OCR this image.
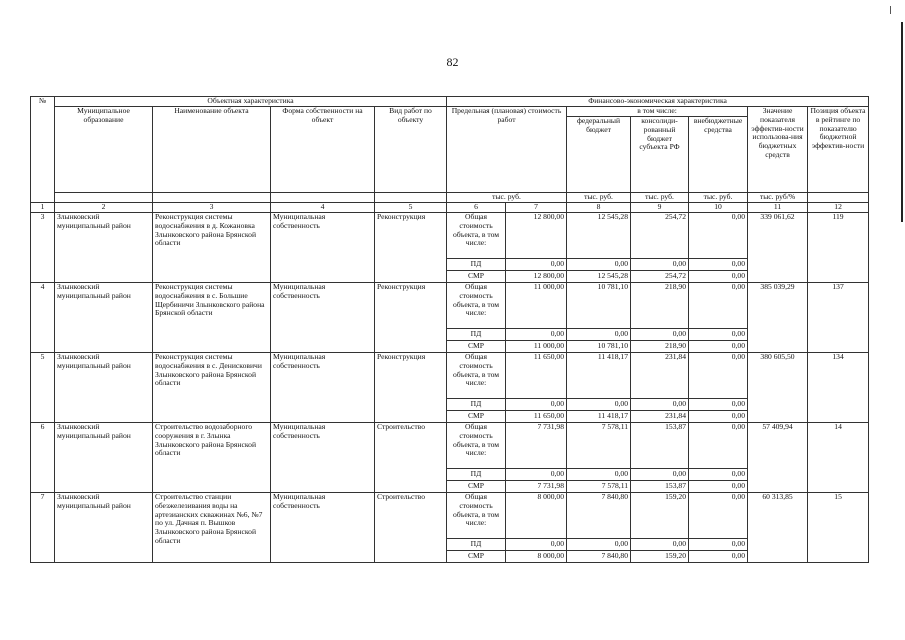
82
№	Объектная характеристика				Финансово-экономическая характеристика						
	Муниципальное образование	Наименование объекта	Форма собственности на объект	Вид работ по объекту	Предельная (плановая) стоимость работ		в том числе:			Значение показателя эффектив-ности использова-ния бюджетных средств	Позиция объекта в рейтинге по показателю бюджетной эффектив-ности
							федеральный бюджет	консолиди-рованный бюджет субъекта РФ	внебюджетные средства		
					тыс. руб.		тыс. руб.	тыс. руб.	тыс. руб.	тыс. руб/%	
1	2	3	4	5	6	7	8	9	10	11	12
3	Злынковский муниципальный район	Реконструкция системы водоснабжения в д. Кожановка Злынковского района Брянской области	Муниципальная собственность	Реконструкция	Общая стоимость объекта, в том числе:	12 800,00	12 545,28	254,72	0,00	339 061,62	119
					ПД	0,00	0,00	0,00	0,00		
					СМР	12 800,00	12 545,28	254,72	0,00		
4	Злынковский муниципальный район	Реконструкция системы водоснабжения в с. Большие Щербиничи Злынковского района Брянской области	Муниципальная собственность	Реконструкция	Общая стоимость объекта, в том числе:	11 000,00	10 781,10	218,90	0,00	385 039,29	137
					ПД	0,00	0,00	0,00	0,00		
					СМР	11 000,00	10 781,10	218,90	0,00		
5	Злынковский муниципальный район	Реконструкция системы водоснабжения в с. Денисковичи Злынковского района Брянской области	Муниципальная собственность	Реконструкция	Общая стоимость объекта, в том числе:	11 650,00	11 418,17	231,84	0,00	380 605,50	134
					ПД	0,00	0,00	0,00	0,00		
					СМР	11 650,00	11 418,17	231,84	0,00		
6	Злынковский муниципальный район	Строительство водозаборного сооружения в г. Злынка Злынковского района Брянской области	Муниципальная собственность	Строительство	Общая стоимость объекта, в том числе:	7 731,98	7 578,11	153,87	0,00	57 409,94	14
					ПД	0,00	0,00	0,00	0,00		
					СМР	7 731,98	7 578,11	153,87	0,00		
7	Злынковский муниципальный район	Строительство станции обезжелезивания воды на артезианских скважинах №6, №7 по ул. Дачная п. Вышков Злынковского района Брянской области	Муниципальная собственность	Строительство	Общая стоимость объекта, в том числе:	8 000,00	7 840,80	159,20	0,00	60 313,85	15
					ПД	0,00	0,00	0,00	0,00		
					СМР	8 000,00	7 840,80	159,20	0,00		
